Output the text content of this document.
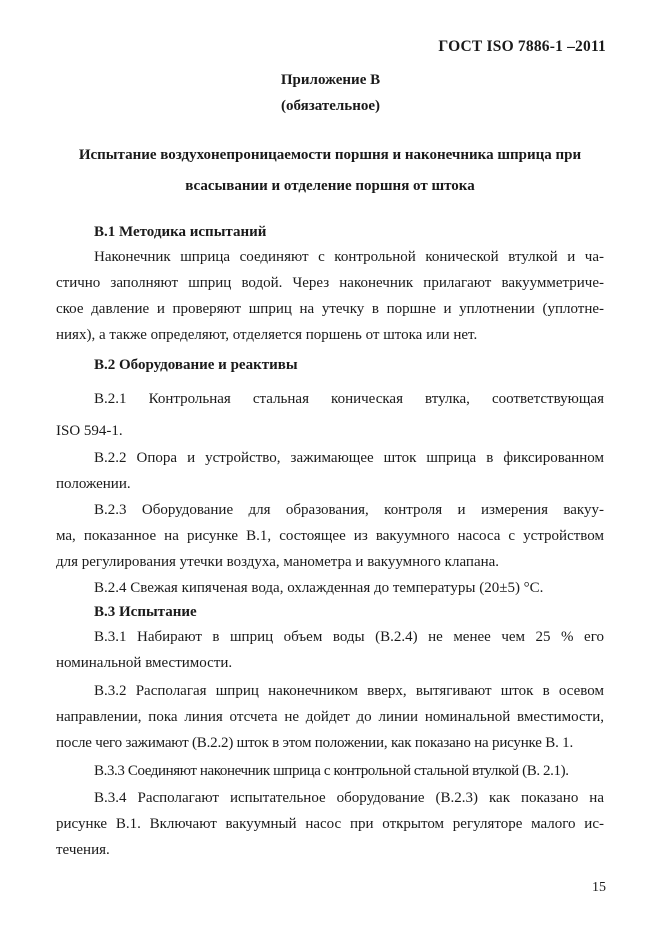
ГОСТ ISO 7886-1 –2011
Приложение В
(обязательное)
Испытание воздухонепроницаемости поршня и наконечника шприца при
всасывании и отделение поршня от штока
В.1 Методика испытаний
Наконечник шприца соединяют с контрольной конической втулкой и ча-
стично заполняют шприц водой. Через наконечник прилагают вакуумметриче-
ское давление и проверяют шприц на утечку в поршне и уплотнении (уплотне-
ниях), а также определяют, отделяется поршень от штока или нет.
В.2 Оборудование и реактивы
В.2.1 Контрольная стальная коническая втулка, соответствующая
ISO 594-1.
В.2.2 Опора и устройство, зажимающее шток шприца в фиксированном
положении.
В.2.3 Оборудование для образования, контроля и измерения вакуу-
ма, показанное на рисунке В.1, состоящее из вакуумного насоса с устройством
для регулирования утечки воздуха, манометра и вакуумного клапана.
В.2.4 Свежая кипяченая вода, охлажденная до температуры (20±5) °С.
В.3 Испытание
В.3.1 Набирают в шприц объем воды (В.2.4) не менее чем 25 % его
номинальной вместимости.
В.3.2 Располагая шприц наконечником вверх, вытягивают шток в осевом
направлении, пока линия отсчета не дойдет до линии номинальной вместимости,
после чего зажимают (В.2.2) шток в этом положении, как показано на рисунке В. 1.
В.3.3 Соединяют наконечник шприца с контрольной стальной втулкой (В. 2.1).
В.3.4 Располагают испытательное оборудование (В.2.3) как показано на
рисунке В.1. Включают вакуумный насос при открытом регуляторе малого ис-
течения.
15
